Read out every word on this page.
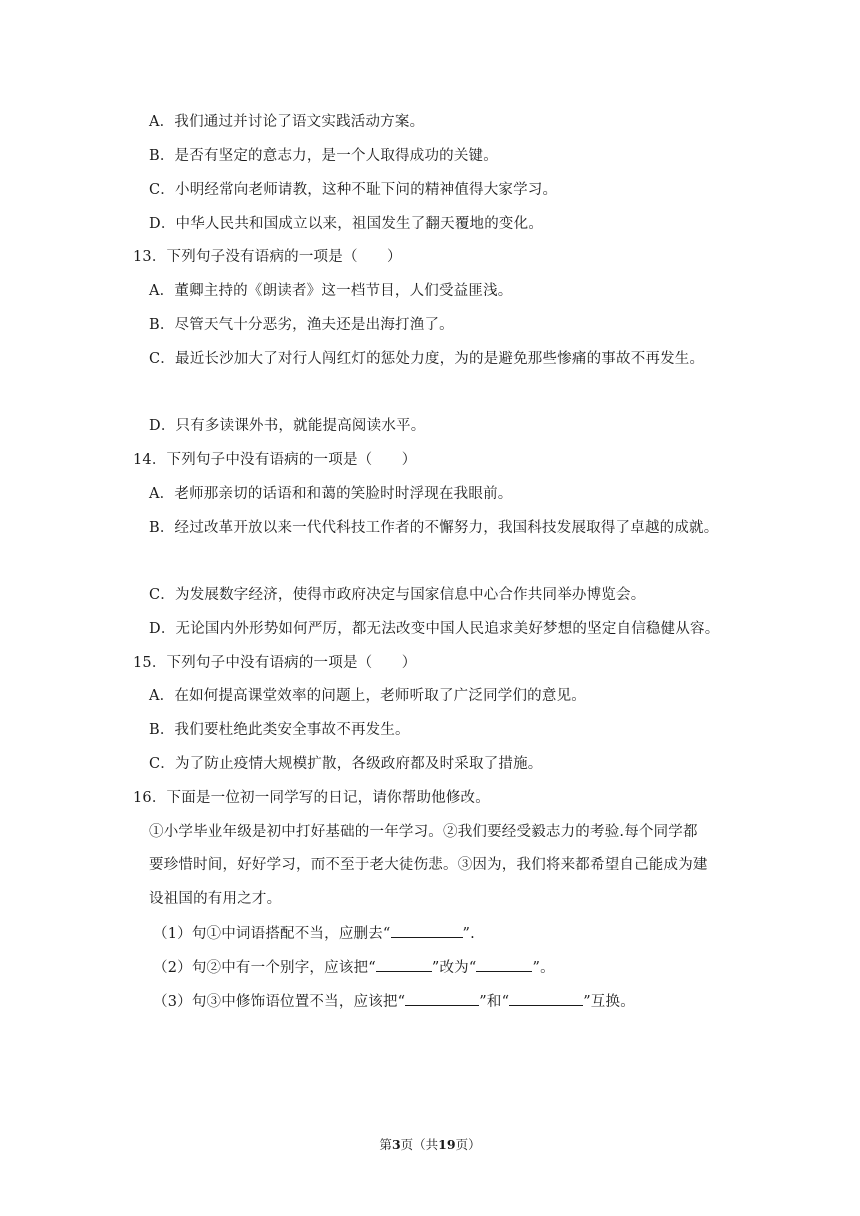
A．我们通过并讨论了语文实践活动方案。
B．是否有坚定的意志力，是一个人取得成功的关键。
C．小明经常向老师请教，这种不耻下问的精神值得大家学习。
D．中华人民共和国成立以来，祖国发生了翻天覆地的变化。
13．下列句子没有语病的一项是（　　）
A．董卿主持的《朗读者》这一档节目，人们受益匪浅。
B．尽管天气十分恶劣，渔夫还是出海打渔了。
C．最近长沙加大了对行人闯红灯的惩处力度，为的是避免那些惨痛的事故不再发生。
D．只有多读课外书，就能提高阅读水平。
14．下列句子中没有语病的一项是（　　）
A．老师那亲切的话语和和蔼的笑脸时时浮现在我眼前。
B．经过改革开放以来一代代科技工作者的不懈努力，我国科技发展取得了卓越的成就。
C．为发展数字经济，使得市政府决定与国家信息中心合作共同举办博览会。
D．无论国内外形势如何严厉，都无法改变中国人民追求美好梦想的坚定自信稳健从容。
15．下列句子中没有语病的一项是（　　）
A．在如何提高课堂效率的问题上，老师听取了广泛同学们的意见。
B．我们要杜绝此类安全事故不再发生。
C．为了防止疫情大规模扩散，各级政府都及时采取了措施。
16．下面是一位初一同学写的日记，请你帮助他修改。
①小学毕业年级是初中打好基础的一年学习。②我们要经受毅志力的考验.每个同学都
要珍惜时间，好好学习，而不至于老大徒伤悲。③因为，我们将来都希望自己能成为建
设祖国的有用之才。
（1）句①中词语搭配不当，应删去“	”.
（2）句②中有一个别字，应该把“	”改为“	”。
（3）句③中修饰语位置不当，应该把“	”和“	”互换。
第3页（共19页）
